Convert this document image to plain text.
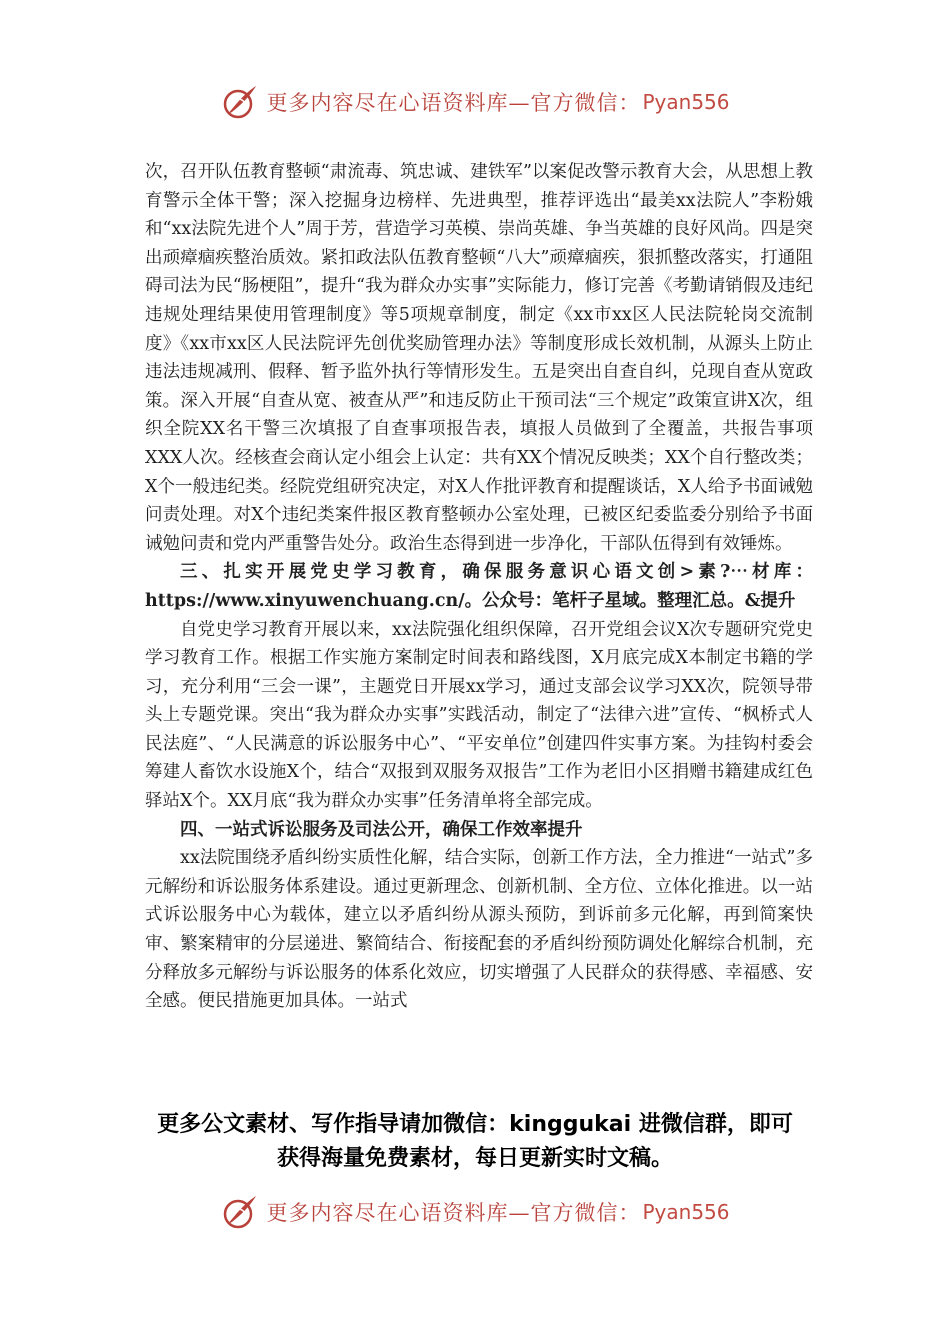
更多内容尽在心语资料库—官方微信： Pyan556

次，召开队伍教育整顿“肃流毒、筑忠诚、建铁军”以案促改警示教育大会，从思想上教育警示全体干警；深入挖掘身边榜样、先进典型，推荐评选出“最美xx法院人”李粉娥和“xx法院先进个人”周于芳，营造学习英模、崇尚英雄、争当英雄的良好风尚。四是突出顽瘴痼疾整治质效。紧扣政法队伍教育整顿“八大”顽瘴痼疾，狠抓整改落实，打通阻碍司法为民“肠梗阻”，提升“我为群众办实事”实际能力，修订完善《考勤请销假及违纪违规处理结果使用管理制度》等5项规章制度，制定《xx市xx区人民法院轮岗交流制度》《xx市xx区人民法院评先创优奖励管理办法》等制度形成长效机制，从源头上防止违法违规减刑、假释、暂予监外执行等情形发生。五是突出自查自纠，兑现自查从宽政策。深入开展“自查从宽、被查从严”和违反防止干预司法“三个规定”政策宣讲X次，组织全院XX名干警三次填报了自查事项报告表，填报人员做到了全覆盖，共报告事项XXX人次。经核查会商认定小组会上认定：共有XX个情况反映类；XX个自行整改类；X个一般违纪类。经院党组研究决定，对X人作批评教育和提醒谈话，X人给予书面诫勉问责处理。对X个违纪类案件报区教育整顿办公室处理，已被区纪委监委分别给予书面诫勉问责和党内严重警告处分。政治生态得到进一步净化，干部队伍得到有效锤炼。

三、扎实开展党史学习教育，确保服务意识心语文创>素?⋯材库：https://www.xinyuwenchuang.cn/。公众号：笔杆子星域。整理汇总。&提升

自党史学习教育开展以来，xx法院强化组织保障，召开党组会议X次专题研究党史学习教育工作。根据工作实施方案制定时间表和路线图，X月底完成X本制定书籍的学习，充分利用“三会一课”，主题党日开展xx学习，通过支部会议学习XX次，院领导带头上专题党课。突出“我为群众办实事”实践活动，制定了“法律六进”宣传、“枫桥式人民法庭”、“人民满意的诉讼服务中心”、“平安单位”创建四件实事方案。为挂钩村委会筹建人畜饮水设施X个，结合“双报到双服务双报告”工作为老旧小区捐赠书籍建成红色驿站X个。XX月底“我为群众办实事”任务清单将全部完成。

四、一站式诉讼服务及司法公开，确保工作效率提升

xx法院围绕矛盾纠纷实质性化解，结合实际，创新工作方法，全力推进“一站式”多元解纷和诉讼服务体系建设。通过更新理念、创新机制、全方位、立体化推进。以一站式诉讼服务中心为载体，建立以矛盾纠纷从源头预防，到诉前多元化解，再到简案快审、繁案精审的分层递进、繁简结合、衔接配套的矛盾纠纷预防调处化解综合机制，充分释放多元解纷与诉讼服务的体系化效应，切实增强了人民群众的获得感、幸福感、安全感。便民措施更加具体。一站式

更多公文素材、写作指导请加微信：kinggukai 进微信群，即可
获得海量免费素材，每日更新实时文稿。
更多内容尽在心语资料库—官方微信： Pyan556
